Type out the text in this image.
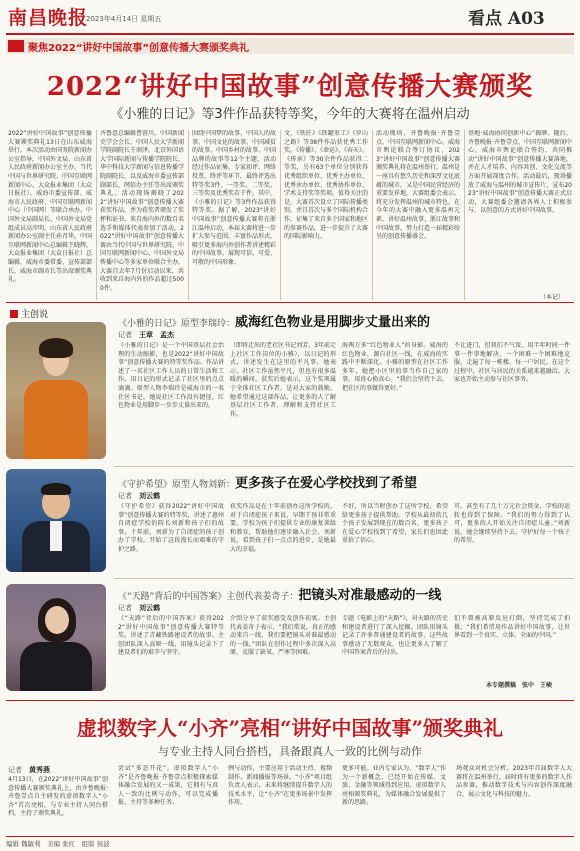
南昌晚报
2023年4月14日 星期五	看点 A03
聚焦2022“讲好中国故事”创意传播大赛颁奖典礼
2022“讲好中国故事”创意传播大赛颁奖
《小雅的日记》等3件作品获特等奖，今年的大赛将在温州启动
2022“讲好中国故事”创意传播大赛颁奖典礼13日在山东威海举行。本次活动由国务院新闻办公室指导，中国外文局、山东省人民政府新闻办公室主办，当代中国与世界研究院、中国互联网新闻中心、大众报业集团（大众日报社）、威海市委宣传部、威海市人民政府、中国互联网新闻中心（中国网）等联合承办。中国外文局副局长、中国外文局党组成员高岸明，山东省人民政府新闻办公室副主任孙召华，中国互联网新闻中心总编辑王晓辉，大众报业集团（大众日报社）总编辑，威海市委常委、宣传部部长，威海市副市长等出席颁奖典礼。
齐鲁意总编辑曹蓉川，中国新闻史学会会长、中国人民大学新闻学院副院长王润泽，北京外国语大学国际新闻与传播学院院长，华中科技大学新闻与信息传播学院副院长，以及威海市委宣传部副部长、网信办主任等出席颁奖典礼。活动现场揭晓了2022“讲好中国故事”创意传播大赛获奖作品，并为获奖者颁发了奖杯和证书。来自海内外的数百名选手和媒体代表参加了活动，2022“讲好中国故事”创意传播大赛由当代中国与世界研究院、中国互联网新闻中心、中国外文局传播中心等多家单位联合主办，大赛自去年7月份启动以来，共收到来自海内外的作品超过5000件。
围绕中国梦的故事、中国人的故事、中国文化的故事、中国减贫的故事、中国乡村的故事、中国品牌的故事等12个主题，活动经过作品征集、专家初评、网络投票、终评等环节，最终评选出特等奖3件、一等奖、二等奖、三等奖及优秀奖若干件。其中，《小雅的日记》等3件作品获得特等奖。据了解，2023“讲好中国故事”创意传播大赛将在浙江温州启动，本届大赛将进一步扩大参与范围，丰富作品形式，吸引更多海内外创作者讲述精彩的中国故事，展现可信、可爱、可敬的中国形象。
文，《铁匠》《铁罐重工》《罗山之路》等38件作品获优秀工作奖。《传播》、《命运》、《春天》、《传承》等30余件作品获得二等奖，另有63个单位分别获得优秀组织单位、优秀主办单位、优秀承办单位、优秀协作单位、学术支持奖等奖项。值得关注的是，大赛首次设立了国际传播类别，并且首次与多个国际机构合作，征集了来自多个国家和地区的参赛作品，进一步提升了大赛的国际影响力。
活动现场，齐鲁晚报·齐鲁壹点、中国互联网新闻中心、威海市舆论联合签订协议，2023“讲好中国故事”创意传播大赛颁奖典礼将在温州举行。温州是一座具有悠久历史和深厚文化底蕴的城市，又是中国民营经济的重要发祥地，大赛组委会表示，将充分发挥温州的城市特色，在今年的大赛中融入更多温州元素，讲好温州故事、浙江故事和中国故事，努力打造一届精彩纷呈的创意传播盛会。
基地·威海协同创新中心”揭牌。随后，齐鲁晚报·齐鲁壹点、中国互联网新闻中心、威海市舆论联合签约，共同推动“讲好中国故事”创意传播大赛落地，并在人才培养、内容共创、文化交流等方面开展深度合作。活动最后，现场播放了威海与温州的城市宣传片，宣布2023“讲好中国故事”创意传播大赛正式启动，大赛组委会邀请各界人士积极参与，以创意的方式讲好中国故事。
（本记）
主创说
《小雅的日记》原型李瑞玲：威海红色物业是用脚步丈量出来的
记者　 王章　孟杰
《小雅的日记》是一个中国基层社会治理的生动缩影，也是2022“讲好中国故事”创意传播大赛的特等奖作品。作品讲述了一名社区工作人员的日常生活和工作，用日记的形式记录了社区里的点点滴滴。原型人物李瑞玲是威海市的一名社区书记，她说社区工作没有捷径，红色物业是用脚步一步步丈量出来的。
（即将迁出的老社区书记刘芳，3年前走上社区工作岗位的小雅），以日记的形式，讲述发生在这里的平凡事。她表示，社区工作虽然平凡，但也有很多温暖的瞬间。获奖后她表示，这个奖项属于全体社区工作者，是对大家的鼓励。她希望通过这部作品，让更多的人了解基层社区工作者，理解和支持社区工作。
海两万多“红色物业人”的身影。威海的红色物业，源自社区一线，在威海的实践中不断深化。小雅的原型在社区工作多年，她把小区里的事当作自己家的事，用真心换真心。“我们会坚持下去，把社区的事做得更好。”
不让进门，但我们不气馁，用半年时间一件事一件事地解决，一个困难一个困难地克服，走遍了每一栋楼、每一户居民。在这个过程中，社区与居民的关系越来越融洽，大家也开始主动参与社区事务。
《守护希望》原型人物刘新：更多孩子在爱心学校找到了希望
记者　 刘云鹤
《守护希望》获得2022“讲好中国故事”创意传播大赛的特等奖，讲述了惠州自闭症学校的院长刘新和孩子们的故事。十年前，刘新为了自闭症的孩子创办了学校，开始了这段漫长而艰难的守护之路。
获奖作品是在十年前创办这所学校的，对于自闭症孩子来说，早期干预非常重要。学校为孩子们提供专业的康复训练和教育，帮助他们逐步融入社会。刘新说，看到孩子们一点点的进步，是她最大的幸福。
不好，所以当时创办了这所学校，希望给更多孩子提供帮助。学校从最初的几个孩子发展到现在的数百名，更多孩子在爱心学校找到了希望，家长们也因此重拾了信心。
可，甚至有了几十万元社会资金，学校的运转也得到了保障。“我们的努力得到了认可，更多的人开始关注自闭症儿童。”刘新说，她会继续坚持下去，守护好每一个孩子的希望。
《“天路”背后的中国答案》主创代表姜奇子：把镜头对准最感动的一线
记者　 刘云鹤
《“天路”背后的中国答案》获得2022“讲好中国故事”创意传播大赛特等奖，讲述了青藏铁路建设者的故事。主创团队深入高原一线，用镜头记录下了建设者们的艰辛与坚守。
介绍分享了获奖感受及创作初衷。主创代表姜奇子表示，“我们常说，真正的感动来自一线，我们要把镜头对准最感动的一线。”团队在创作过程中多次深入高原，克服了缺氧、严寒等困难。
专题《电影上的“天路”》，对天路的历史和建设者进行了深入挖掘。团队用镜头记录了许多普通建设者的故事，这些故事感动了无数观众，也让更多人了解了中国答案背后的付出。
们不曾被高原反应打倒，坚持完成了拍摄。“我们希望用作品讲好中国故事，让世界看到一个真实、立体、全面的中国。”
本专题撰稿　张中　王峻
虚拟数字人“小齐”亮相“讲好中国故事”颁奖典礼
与专业主持人同台搭档，具备跟真人一致的比例与动作
记者　 黄秀燕
4月13日，在2022“讲好中国故事”创意传播大赛颁奖典礼上，由齐鲁晚报·齐鲁壹点自主研发的虚拟数字人“小齐”首次亮相，与专业主持人同台搭档，主持了颁奖典礼。
尝试“多态开花”。虚拟数字人“小齐”是齐鲁晚报·齐鲁壹点积极探索媒体融合发展的又一成果，它拥有与真人一致的比例与动作，可以完成播报、主持等多种任务。
例与动作，主要应用于活动主持、视频制作、新闻播报等场景。“小齐”项目组负责人表示，未来将继续提升数字人的技术水平，让“小齐”在更多场景中发挥作用。
更多可能。业内专家认为，“数字人”作为一个新概念，已经开始在传媒、文旅、金融等领域得到应用，虚拟数字人亮相颁奖典礼，为媒体融合发展提供了新的思路。
场观众对机会分析，2023年首届数字人大赛将在温州举行，届时将有更多的数字人作品参赛，推动数字技术与内容创作深度融合，展示文化与科技的魅力。
编辑 魏敏利　美编 张红　组版 侯波
